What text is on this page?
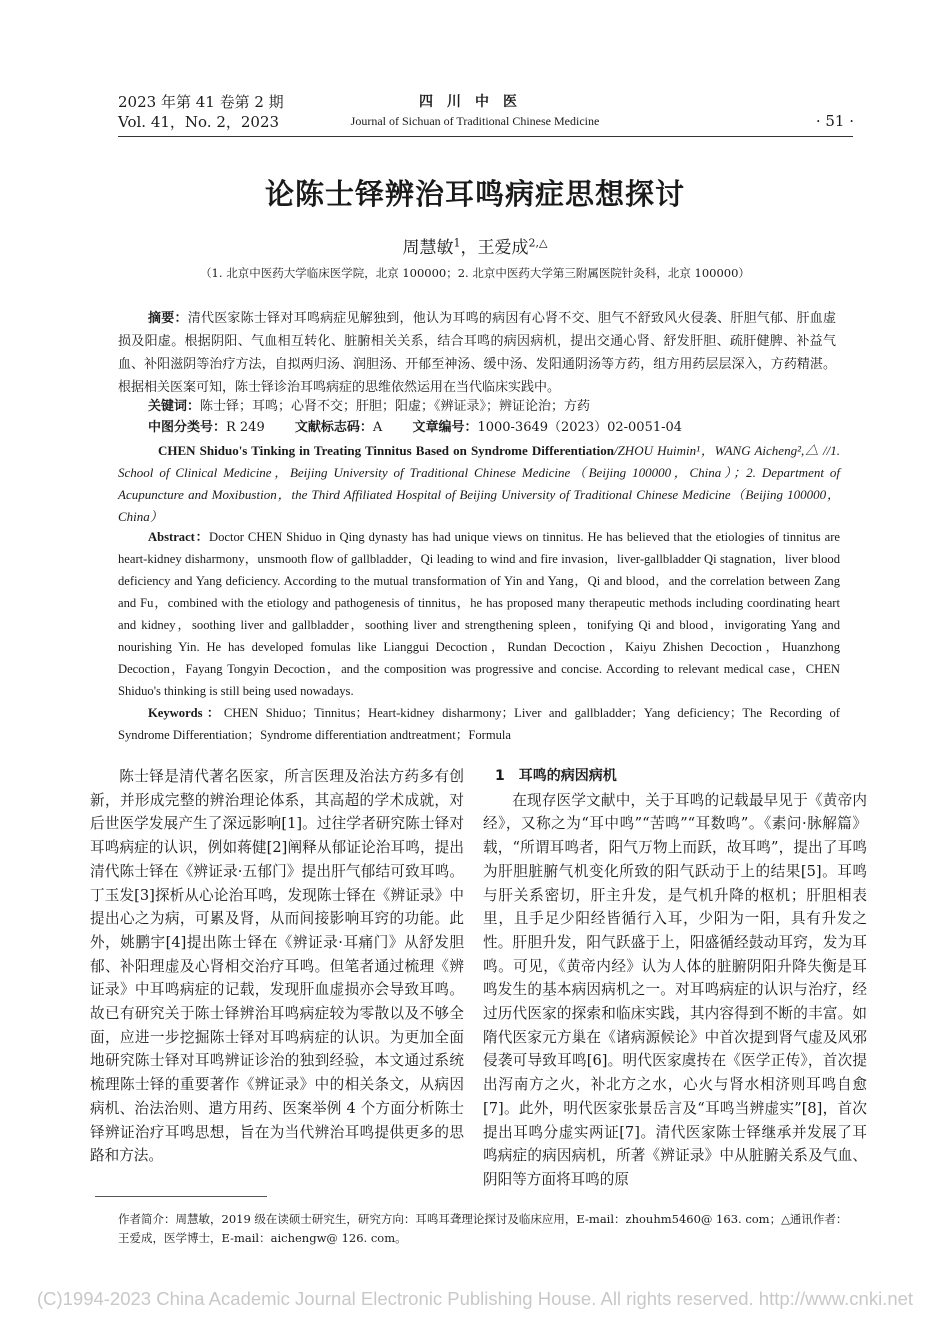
2023 年第 41 卷第 2 期
Vol. 41，No. 2，2023
四川中医
Journal of Sichuan of Traditional Chinese Medicine	· 51 ·
论陈士铎辨治耳鸣病症思想探讨
周慧敏$^1$，王爱成$^{2,\triangle}$
（1. 北京中医药大学临床医学院，北京 100000；2. 北京中医药大学第三附属医院针灸科，北京 100000）
摘要：清代医家陈士铎对耳鸣病症见解独到，他认为耳鸣的病因有心肾不交、胆气不舒致风火侵袭、肝胆气郁、肝血虚损及阳虚。根据阴阳、气血相互转化、脏腑相关关系，结合耳鸣的病因病机，提出交通心肾、舒发肝胆、疏肝健脾、补益气血、补阳滋阴等治疗方法，自拟两归汤、润胆汤、开郁至神汤、缓中汤、发阳通阴汤等方药，组方用药层层深入，方药精湛。根据相关医案可知，陈士铎诊治耳鸣病症的思维依然运用在当代临床实践中。
关键词：陈士铎；耳鸣；心肾不交；肝胆；阳虚；《辨证录》；辨证论治；方药
中图分类号：R 249 文献标志码：A 文章编号：1000-3649（2023）02-0051-04
CHEN Shiduo's Tinking in Treating Tinnitus Based on Syndrome Differentiation/ZHOU Huimin¹，WANG Aicheng²,△ //1. School of Clinical Medicine，Beijing University of Traditional Chinese Medicine（Beijing 100000，China）；2. Department of Acupuncture and Moxibustion，the Third Affiliated Hospital of Beijing University of Traditional Chinese Medicine（Beijing 100000，China）
Abstract：Doctor CHEN Shiduo in Qing dynasty has had unique views on tinnitus. He has believed that the etiologies of tinnitus are heart-kidney disharmony，unsmooth flow of gallbladder，Qi leading to wind and fire invasion，liver-gallbladder Qi stagnation，liver blood deficiency and Yang deficiency. According to the mutual transformation of Yin and Yang，Qi and blood，and the correlation between Zang and Fu，combined with the etiology and pathogenesis of tinnitus，he has proposed many therapeutic methods including coordinating heart and kidney，soothing liver and gallbladder，soothing liver and strengthening spleen，tonifying Qi and blood，invigorating Yang and nourishing Yin. He has developed fomulas like Lianggui Decoction，Rundan Decoction，Kaiyu Zhishen Decoction，Huanzhong Decoction，Fayang Tongyin Decoction，and the composition was progressive and concise. According to relevant medical case，CHEN Shiduo's thinking is still being used nowadays.
Keywords：CHEN Shiduo；Tinnitus；Heart-kidney disharmony；Liver and gallbladder；Yang deficiency；The Recording of Syndrome Differentiation；Syndrome differentiation andtreatment；Formula

陈士铎是清代著名医家，所言医理及治法方药多有创新，并形成完整的辨治理论体系，其高超的学术成就，对后世医学发展产生了深远影响[1]。过往学者研究陈士铎对耳鸣病症的认识，例如蒋健[2]阐释从郁证论治耳鸣，提出清代陈士铎在《辨证录·五郁门》提出肝气郁结可致耳鸣。丁玉发[3]探析从心论治耳鸣，发现陈士铎在《辨证录》中提出心之为病，可累及肾，从而间接影响耳窍的功能。此外，姚鹏宇[4]提出陈士铎在《辨证录·耳痛门》从舒发胆郁、补阳理虚及心肾相交治疗耳鸣。但笔者通过梳理《辨证录》中耳鸣病症的记载，发现肝血虚损亦会导致耳鸣。故已有研究关于陈士铎辨治耳鸣病症较为零散以及不够全面，应进一步挖掘陈士铎对耳鸣病症的认识。为更加全面地研究陈士铎对耳鸣辨证诊治的独到经验，本文通过系统梳理陈士铎的重要著作《辨证录》中的相关条文，从病因病机、治法治则、遣方用药、医案举例 4 个方面分析陈士铎辨证治疗耳鸣思想，旨在为当代辨治耳鸣提供更多的思路和方法。

1　耳鸣的病因病机

在现存医学文献中，关于耳鸣的记载最早见于《黄帝内经》，又称之为“耳中鸣”“苦鸣”“耳数鸣”。《素问·脉解篇》载，“所谓耳鸣者，阳气万物上而跃，故耳鸣”，提出了耳鸣为肝胆脏腑气机变化所致的阳气跃动于上的结果[5]。耳鸣与肝关系密切，肝主升发，是气机升降的枢机；肝胆相表里，且手足少阳经皆循行入耳，少阳为一阳，具有升发之性。肝胆升发，阳气跃盛于上，阳盛循经鼓动耳窍，发为耳鸣。可见，《黄帝内经》认为人体的脏腑阴阳升降失衡是耳鸣发生的基本病因病机之一。对耳鸣病症的认识与治疗，经过历代医家的探索和临床实践，其内容得到不断的丰富。如隋代医家元方巢在《诸病源候论》中首次提到肾气虚及风邪侵袭可导致耳鸣[6]。明代医家虞抟在《医学正传》，首次提出泻南方之火，补北方之水，心火与肾水相济则耳鸣自愈[7]。此外，明代医家张景岳言及“耳鸣当辨虚实”[8]，首次提出耳鸣分虚实两证[7]。清代医家陈士铎继承并发展了耳鸣病症的病因病机，所著《辨证录》中从脏腑关系及气血、阴阳等方面将耳鸣的原

作者简介：周慧敏，2019 级在读硕士研究生，研究方向：耳鸣耳聋理论探讨及临床应用，E-mail：zhouhm5460@ 163. com；△通讯作者：王爱成，医学博士，E-mail：aichengw@ 126. com。
(C)1994-2023 China Academic Journal Electronic Publishing House. All rights reserved. http://www.cnki.net
